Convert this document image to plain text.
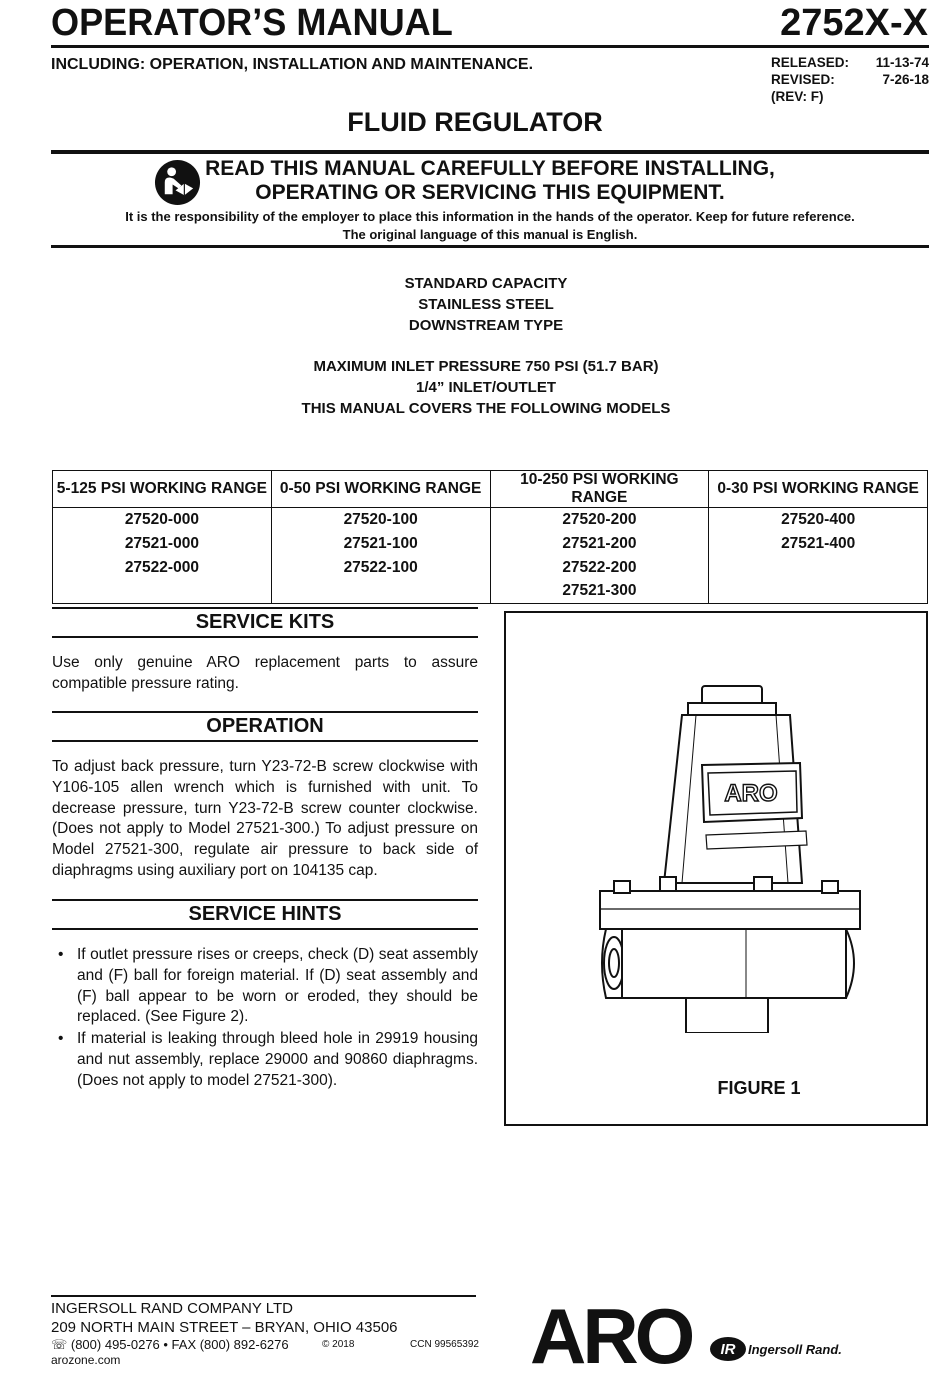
OPERATOR’S MANUAL	2752X-X
INCLUDING: OPERATION, INSTALLATION AND MAINTENANCE.	RELEASED: 11-13-74
REVISED:	7-26-18
(REV: F)
FLUID REGULATOR
READ THIS MANUAL CAREFULLY BEFORE INSTALLING,
OPERATING OR SERVICING THIS EQUIPMENT.
It is the responsibility of the employer to place this information in the hands of the operator. Keep for future reference.
The original language of this manual is English.
STANDARD CAPACITY
STAINLESS STEEL
DOWNSTREAM TYPE
MAXIMUM INLET PRESSURE 750 PSI (51.7 BAR)
1/4” INLET/OUTLET
THIS MANUAL COVERS THE FOLLOWING MODELS
5-125 PSI WORKING RANGE	0-50 PSI WORKING RANGE	10-250 PSI WORKING RANGE	0-30 PSI WORKING RANGE
27520-000	27520-100	27520-200	27520-400
27521-000	27521-100	27521-200	27521-400
27522-000	27522-100	27522-200	
		27521-300	
SERVICE KITS
Use only genuine ARO replacement parts to assure compatible pressure rating.
OPERATION
To adjust back pressure, turn Y23-72-B screw clockwise with Y106-105 allen wrench which is furnished with unit. To decrease pressure, turn Y23-72-B screw counter clockwise. (Does not apply to Model 27521-300.) To adjust pressure on Model 27521-300, regulate air pressure to back side of diaphragms using auxiliary port on 104135 cap.
SERVICE HINTS
• If outlet pressure rises or creeps, check (D) seat assembly and (F) ball for foreign material. If (D) seat assembly and (F) ball appear to be worn or eroded, they should be replaced. (See Figure 2).
• If material is leaking through bleed hole in 29919 housing and nut assembly, replace 29000 and 90860 diaphragms. (Does not apply to model 27521-300).
ARO
FIGURE 1
INGERSOLL RAND COMPANY LTD
209 NORTH MAIN STREET – BRYAN, OHIO 43506
☏ (800) 495-0276 • FAX (800) 892-6276	© 2018	CCN 99565392
arozone.com	ARO	IR Ingersoll Rand.
